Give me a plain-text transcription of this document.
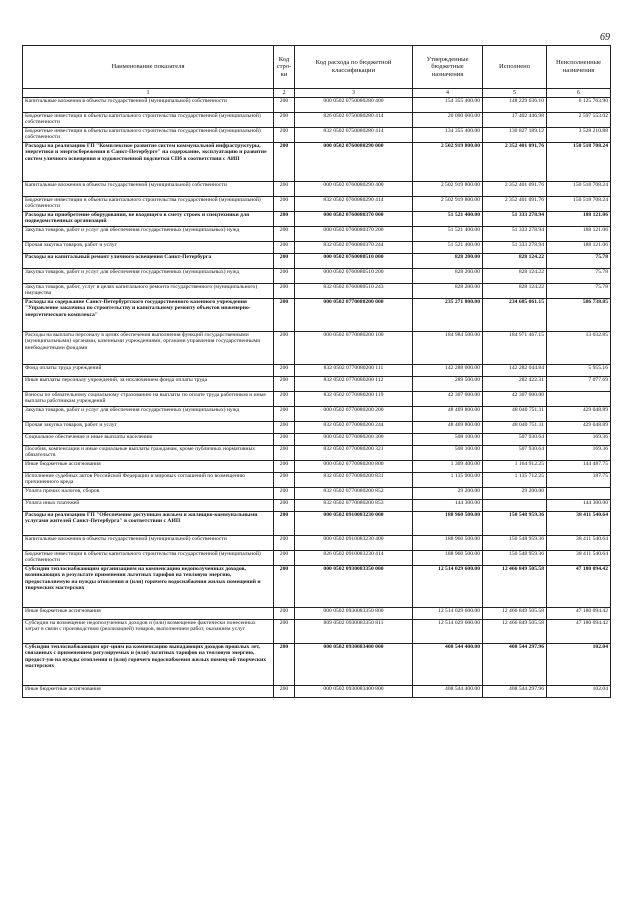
69
Наименование показателя	Код стро-ки	Код расхода по бюджетной классификации	Утвержденные бюджетные назначения	Исполнено	Неисполненные назначения
1	2	3	4	5	6
Капитальные вложения в объекты государственной (муниципальной) собственности	200	000 0502 0750080280 400	154 355 400.00	148 229 636.10	6 125 763.90
Бюджетные инвестиции в объекты капитального строительства государственной (муниципальной) собственности	200	826 0502 0750080280 414	20 000 000.00	17 402 446.98	2 597 553.02
Бюджетные инвестиции в объекты капитального строительства государственной (муниципальной) собственности	200	832 0502 0750080280 414	134 355 400.00	130 827 189.12	3 528 210.88
Расходы на реализацию ГП "Комплексное развитие систем коммунальной инфраструктуры, энергетики и энергосбережения в Санкт-Петербурге" на содержание, эксплуатацию и развитие систем уличного освещения и художественной подсветки СПб в соответствии с АИП	200	000 0502 0760080290 000	2 502 919 800.00	2 352 401 091.76	150 518 708.24
Капитальные вложения в объекты государственной (муниципальной) собственности	200	000 0502 0760080290 400	2 502 919 800.00	2 352 401 091.76	150 518 708.24
Бюджетные инвестиции в объекты капитального строительства государственной (муниципальной) собственности	200	832 0502 0760080290 414	2 502 919 800.00	2 352 401 091.76	150 518 708.24
Расходы на приобретение оборудования, не входящего в смету строек и спецтехники для подведомственных организаций	200	000 0502 0760080370 000	51 521 400.00	51 333 278.94	188 121.06
Закупка товаров, работ и услуг для обеспечения государственных (муниципальных) нужд	200	000 0502 0760080370 200	51 521 400.00	51 333 278.94	188 121.06
Прочая закупка товаров, работ и услуг	200	832 0502 0760080370 244	51 521 400.00	51 333 278.94	188 121.06
Расходы на капитальный ремонт уличного освещения Санкт-Петербурга	200	000 0502 0760080510 000	828 200.00	828 124.22	75.78
Закупка товаров, работ и услуг для обеспечения государственных (муниципальных) нужд	200	000 0502 0760080510 200	828 200.00	828 124.22	75.78
Закупка товаров, работ, услуг в целях капитального ремонта государственного (муниципального) имущества	200	832 0502 0760080510 243	828 200.00	828 124.22	75.78
Расходы на содержание Санкт-Петербургского государственного казенного учреждения "Управление заказчика по строительству и капитальному ремонту объектов инженерно-энергетического комплекса"	200	000 0502 0770080200 000	235 271 800.00	234 685 061.15	586 738.85
Расходы на выплаты персоналу в целях обеспечения выполнения функций государственными (муниципальными) органами, казенными учреждениями, органами управления государственными внебюджетными фондами	200	000 0502 0770080200 100	184 984 500.00	184 971 467.15	13 032.85
Фонд оплаты труда учреждений	200	832 0502 0770080200 111	142 288 000.00	142 282 044.84	5 955.16
Иные выплаты персоналу учреждений, за исключением фонда оплаты труда	200	832 0502 0770080200 112	289 500.00	282 422.31	7 077.69
Взносы по обязательному социальному страхованию на выплаты по оплате труда работников и иные выплаты работникам учреждений	200	832 0502 0770080200 119	42 307 000.00	42 307 000.00	
Закупка товаров, работ и услуг для обеспечения государственных (муниципальных) нужд	200	000 0502 0770080200 200	48 469 800.00	48 040 751.11	429 048.89
Прочая закупка товаров, работ и услуг	200	832 0502 0770080200 244	48 469 800.00	48 040 751.11	429 048.89
Социальное обеспечение и иные выплаты населению	200	000 0502 0770080200 300	508 100.00	507 930.64	169.36
Пособия, компенсации и иные социальные выплаты гражданам, кроме публичных нормативных обязательств	200	832 0502 0770080200 321	508 100.00	507 930.64	169.36
Иные бюджетные ассигнования	200	000 0502 0770080200 800	1 309 400.00	1 164 912.25	144 487.75
Исполнение судебных актов Российской Федерации и мировых соглашений по возмещению причиненного вреда	200	832 0502 0770080200 831	1 135 900.00	1 135 712.25	187.75
Уплата прочих налогов, сборов	200	832 0502 0770080200 852	29 200.00	29 200.00	
Уплата иных платежей	200	832 0502 0770080200 853	144 300.00		144 300.00
Расходы на реализацию ГП "Обеспечение доступным жильем и жилищно-коммунальными услугами жителей Санкт-Петербурга" в соответствии с АИП	200	000 0502 0910083230 000	188 960 500.00	150 548 959.36	38 411 540.64
Капитальные вложения в объекты государственной (муниципальной) собственности	200	000 0502 0910083230 400	188 960 500.00	150 548 959.36	38 411 540.64
Бюджетные инвестиции в объекты капитального строительства государственной (муниципальной) собственности	200	826 0502 0910083230 414	188 960 500.00	150 548 959.36	38 411 540.64
Субсидии теплоснабжающим организациям на компенсацию недополученных доходов, возникающих в результате применения льготных тарифов на тепловую энергию, предоставляемую на нужды отопления и (или) горячего водоснабжения жилых помещений и творческих мастерских	200	000 0502 0930083350 000	12 514 029 600.00	12 466 849 505.58	47 180 094.42
Иные бюджетные ассигнования	200	000 0502 0930083350 800	12 514 029 600.00	12 466 849 505.58	47 180 094.42
Субсидии на возмещение недополученных доходов и (или) возмещение фактически понесенных затрат в связи с производством (реализацией) товаров, выполнением работ, оказанием услуг	200	809 0502 0930083350 811	12 514 029 600.00	12 466 849 505.58	47 180 094.42
Субсидии теплоснабжающим орг-циям на компенсацию выпадающих доходов прошлых лет, связанных с применением регулируемых и (или) льготных тарифов на тепловую энергию, предост-ую на нужды отопления и (или) горячего водоснабжения жилых помещ-ий творческих мастерских	200	000 0502 0930083400 000	408 544 400.00	408 544 297.96	102.04
Иные бюджетные ассигнования	200	000 0502 0930083400 800	408 544 400.00	408 544 297.96	102.04
